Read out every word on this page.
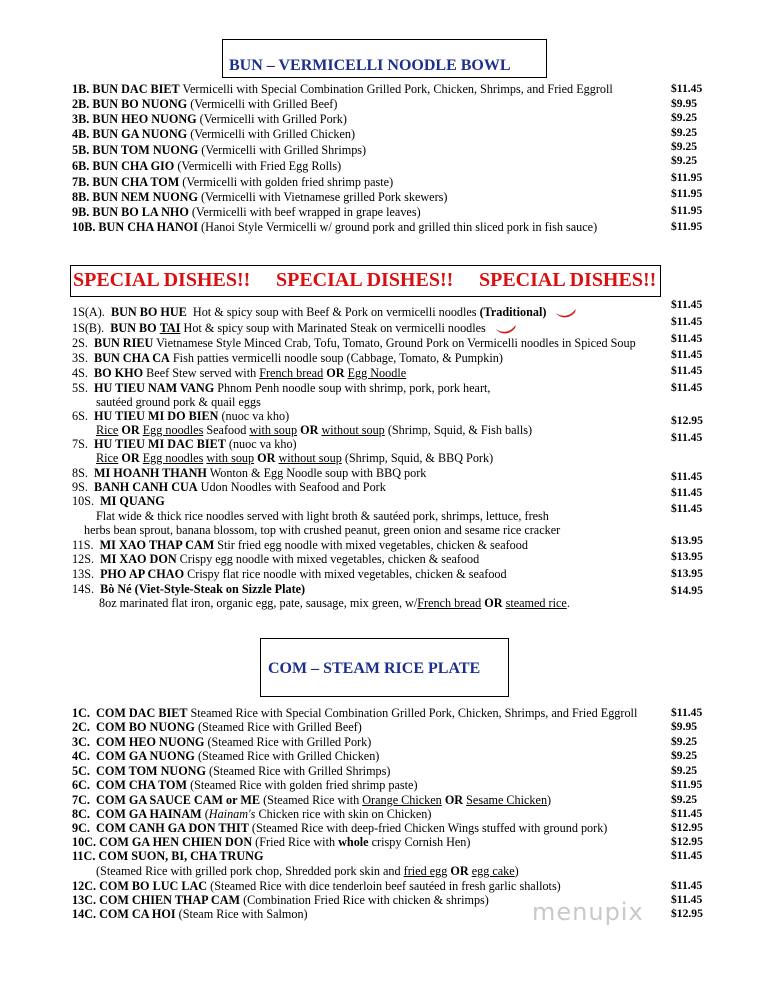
BUN – VERMICELLI NOODLE BOWL
1B. BUN DAC BIET Vermicelli with Special Combination Grilled Pork, Chicken, Shrimps, and Fried Eggroll
2B. BUN BO NUONG (Vermicelli with Grilled Beef)
3B. BUN HEO NUONG (Vermicelli with Grilled Pork)
4B. BUN GA NUONG (Vermicelli with Grilled Chicken)
5B. BUN TOM NUONG (Vermicelli with Grilled Shrimps)
6B. BUN CHA GIO (Vermicelli with Fried Egg Rolls)
7B. BUN CHA TOM (Vermicelli with golden fried shrimp paste)
8B. BUN NEM NUONG (Vermicelli with Vietnamese grilled Pork skewers)
9B. BUN BO LA NHO (Vermicelli with beef wrapped in grape leaves)
10B. BUN CHA HANOI (Hanoi Style Vermicelli w/ ground pork and grilled thin sliced pork in fish sauce)
$11.45
$9.95
$9.25
$9.25
$9.25
$9.25
$11.95
$11.95
$11.95
$11.95
SPECIAL DISHES!! SPECIAL DISHES!! SPECIAL DISHES!!
1S(A). BUN BO HUE Hot & spicy soup with Beef & Pork on vermicelli noodles (Traditional)
1S(B). BUN BO TAI Hot & spicy soup with Marinated Steak on vermicelli noodles
2S. BUN RIEU Vietnamese Style Minced Crab, Tofu, Tomato, Ground Pork on Vermicelli noodles in Spiced Soup
3S. BUN CHA CA Fish patties vermicelli noodle soup (Cabbage, Tomato, & Pumpkin)
4S. BO KHO Beef Stew served with French bread OR Egg Noodle
5S. HU TIEU NAM VANG Phnom Penh noodle soup with shrimp, pork, pork heart,
sautéed ground pork & quail eggs
6S. HU TIEU MI DO BIEN (nuoc va kho)
Rice OR Egg noodles Seafood with soup OR without soup (Shrimp, Squid, & Fish balls)
7S. HU TIEU MI DAC BIET (nuoc va kho)
Rice OR Egg noodles with soup OR without soup (Shrimp, Squid, & BBQ Pork)
8S. MI HOANH THANH Wonton & Egg Noodle soup with BBQ pork
9S. BANH CANH CUA Udon Noodles with Seafood and Pork
10S. MI QUANG
Flat wide & thick rice noodles served with light broth & sautéed pork, shrimps, lettuce, fresh
herbs bean sprout, banana blossom, top with crushed peanut, green onion and sesame rice cracker
11S. MI XAO THAP CAM Stir fried egg noodle with mixed vegetables, chicken & seafood
12S. MI XAO DON Crispy egg noodle with mixed vegetables, chicken & seafood
13S. PHO AP CHAO Crispy flat rice noodle with mixed vegetables, chicken & seafood
14S. Bò Né (Viet-Style-Steak on Sizzle Plate)
8oz marinated flat iron, organic egg, pate, sausage, mix green, w/French bread OR steamed rice.
$11.45
$11.45
$11.45
$11.45
$11.45
$11.45
$12.95
$11.45
$11.45
$11.45
$11.45
$13.95
$13.95
$13.95
$14.95
COM – STEAM RICE PLATE
1C. COM DAC BIET Steamed Rice with Special Combination Grilled Pork, Chicken, Shrimps, and Fried Eggroll
2C. COM BO NUONG (Steamed Rice with Grilled Beef)
3C. COM HEO NUONG (Steamed Rice with Grilled Pork)
4C. COM GA NUONG (Steamed Rice with Grilled Chicken)
5C. COM TOM NUONG (Steamed Rice with Grilled Shrimps)
6C. COM CHA TOM (Steamed Rice with golden fried shrimp paste)
7C. COM GA SAUCE CAM or ME (Steamed Rice with Orange Chicken OR Sesame Chicken)
8C. COM GA HAINAM (Hainam's Chicken rice with skin on Chicken)
9C. COM CANH GA DON THIT (Steamed Rice with deep-fried Chicken Wings stuffed with ground pork)
10C. COM GA HEN CHIEN DON (Fried Rice with whole crispy Cornish Hen)
11C. COM SUON, BI, CHA TRUNG
(Steamed Rice with grilled pork chop, Shredded pork skin and fried egg OR egg cake)
12C. COM BO LUC LAC (Steamed Rice with dice tenderloin beef sautéed in fresh garlic shallots)
13C. COM CHIEN THAP CAM (Combination Fried Rice with chicken & shrimps)
14C. COM CA HOI (Steam Rice with Salmon)
$11.45
$9.95
$9.25
$9.25
$9.25
$11.95
$9.25
$11.45
$12.95
$12.95
$11.45
$11.45
$11.45
$12.95
menupix
